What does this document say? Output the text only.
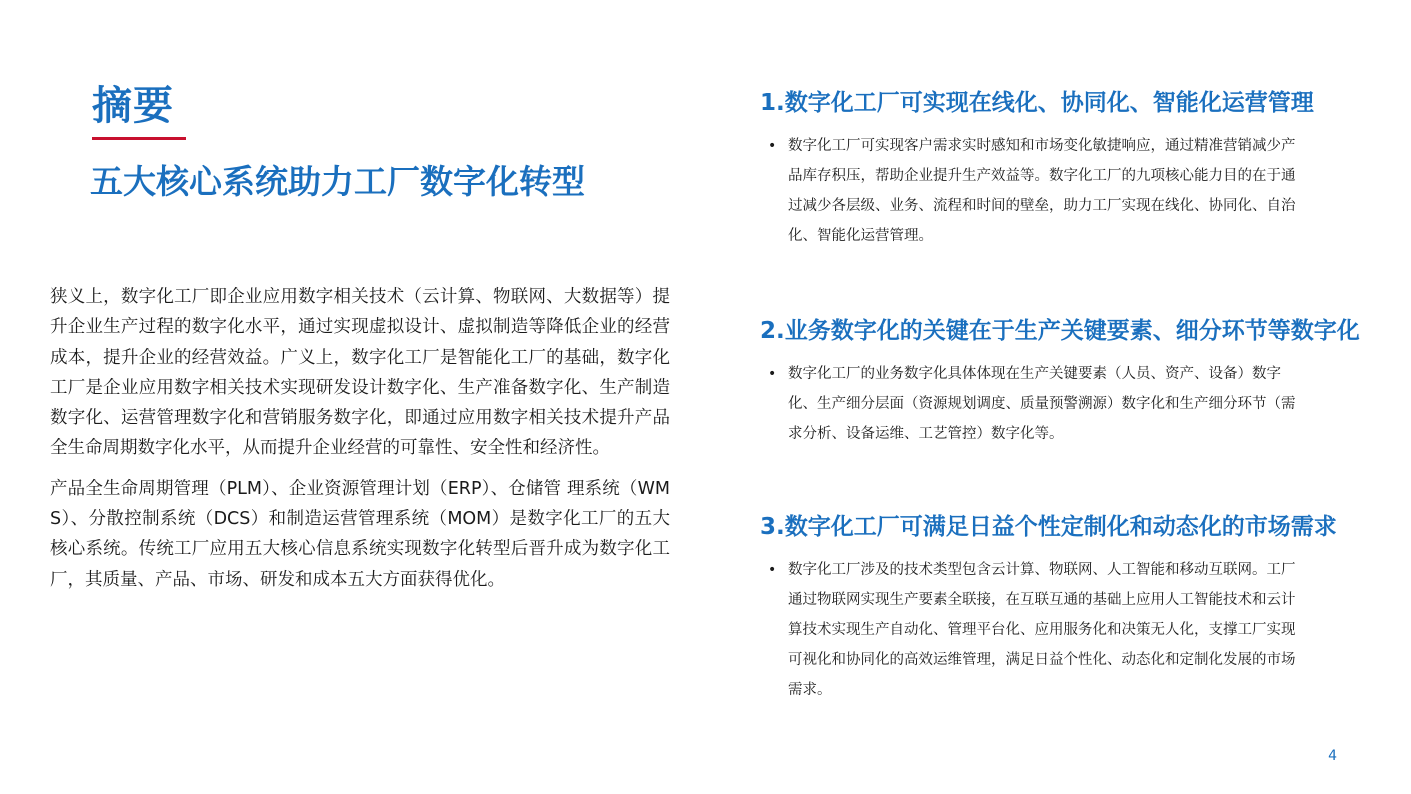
摘要
五大核心系统助力工厂数字化转型

狭义上，数字化工厂即企业应用数字相关技术（云计算、物联网、大数据等）提升企业生产过程的数字化水平，通过实现虚拟设计、虚拟制造等降低企业的经营成本，提升企业的经营效益。广义上，数字化工厂是智能化工厂的基础，数字化工厂是企业应用数字相关技术实现研发设计数字化、生产准备数字化、生产制造数字化、运营管理数字化和营销服务数字化，即通过应用数字相关技术提升产品全生命周期数字化水平，从而提升企业经营的可靠性、安全性和经济性。

产品全生命周期管理（PLM）、企业资源管理计划（ERP）、仓储管 理系统（WMS）、分散控制系统（DCS）和制造运营管理系统（MOM）是数字化工厂的五大核心系统。传统工厂应用五大核心信息系统实现数字化转型后晋升成为数字化工厂，其质量、产品、市场、研发和成本五大方面获得优化。

1.数字化工厂可实现在线化、协同化、智能化运营管理
• 数字化工厂可实现客户需求实时感知和市场变化敏捷响应，通过精准营销减少产品库存积压，帮助企业提升生产效益等。数字化工厂的九项核心能力目的在于通过减少各层级、业务、流程和时间的壁垒，助力工厂实现在线化、协同化、自治化、智能化运营管理。

2.业务数字化的关键在于生产关键要素、细分环节等数字化
• 数字化工厂的业务数字化具体体现在生产关键要素（人员、资产、设备）数字化、生产细分层面（资源规划调度、质量预警溯源）数字化和生产细分环节（需求分析、设备运维、工艺管控）数字化等。

3.数字化工厂可满足日益个性定制化和动态化的市场需求
• 数字化工厂涉及的技术类型包含云计算、物联网、人工智能和移动互联网。工厂通过物联网实现生产要素全联接，在互联互通的基础上应用人工智能技术和云计算技术实现生产自动化、管理平台化、应用服务化和决策无人化，支撑工厂实现可视化和协同化的高效运维管理，满足日益个性化、动态化和定制化发展的市场需求。

4
